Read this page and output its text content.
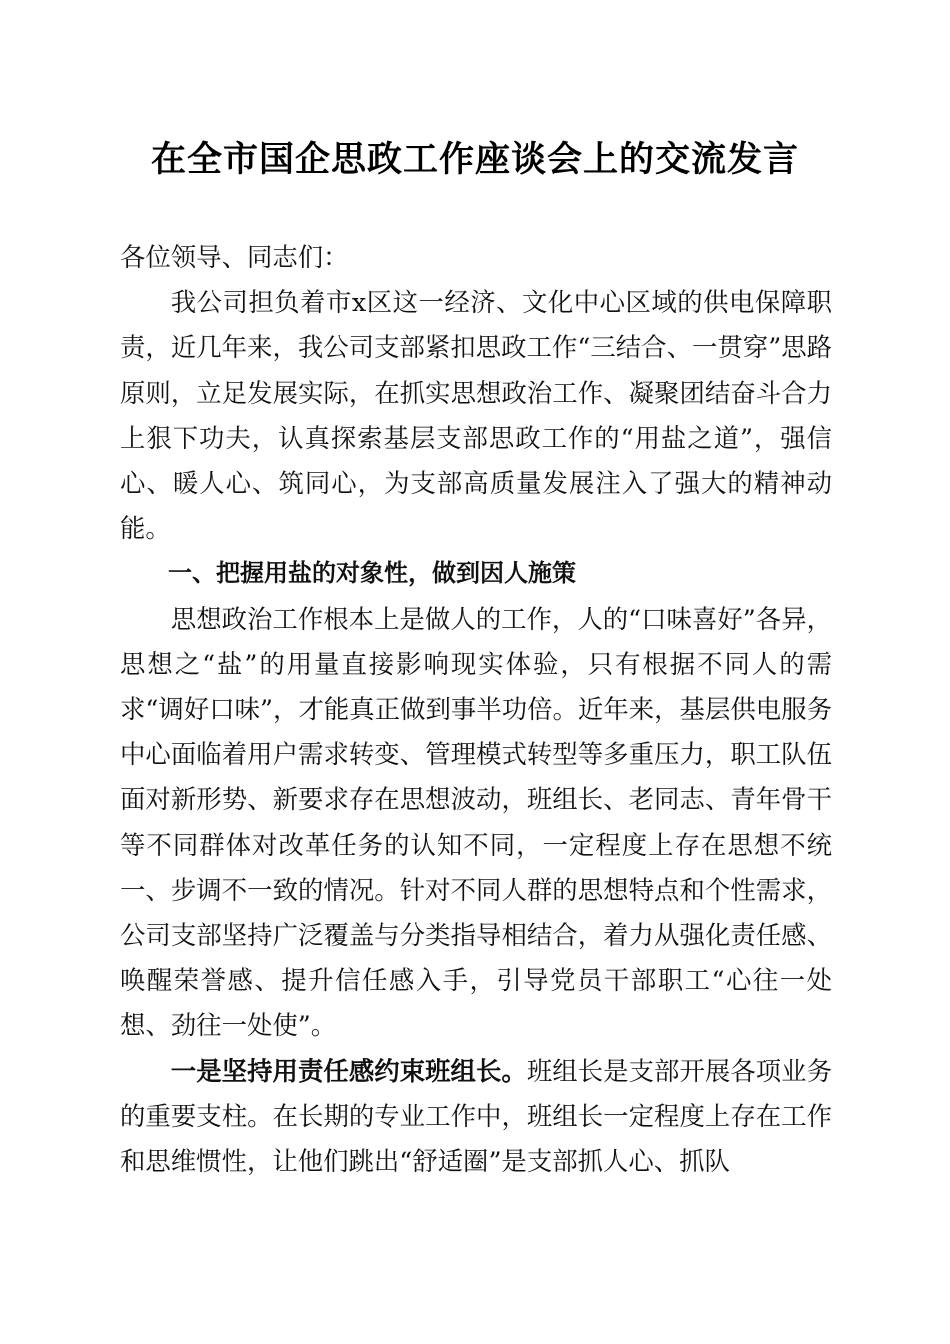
在全市国企思政工作座谈会上的交流发言

各位领导、同志们：

我公司担负着市x区这一经济、文化中心区域的供电保障职责，近几年来，我公司支部紧扣思政工作“三结合、一贯穿”思路原则，立足发展实际，在抓实思想政治工作、凝聚团结奋斗合力上狠下功夫，认真探索基层支部思政工作的“用盐之道”，强信心、暖人心、筑同心，为支部高质量发展注入了强大的精神动能。

一、把握用盐的对象性，做到因人施策

思想政治工作根本上是做人的工作，人的“口味喜好”各异，思想之“盐”的用量直接影响现实体验，只有根据不同人的需求“调好口味”，才能真正做到事半功倍。近年来，基层供电服务中心面临着用户需求转变、管理模式转型等多重压力，职工队伍面对新形势、新要求存在思想波动，班组长、老同志、青年骨干等不同群体对改革任务的认知不同，一定程度上存在思想不统一、步调不一致的情况。针对不同人群的思想特点和个性需求，公司支部坚持广泛覆盖与分类指导相结合，着力从强化责任感、唤醒荣誉感、提升信任感入手，引导党员干部职工“心往一处想、劲往一处使”。

一是坚持用责任感约束班组长。班组长是支部开展各项业务的重要支柱。在长期的专业工作中，班组长一定程度上存在工作和思维惯性，让他们跳出“舒适圈”是支部抓人心、抓队
